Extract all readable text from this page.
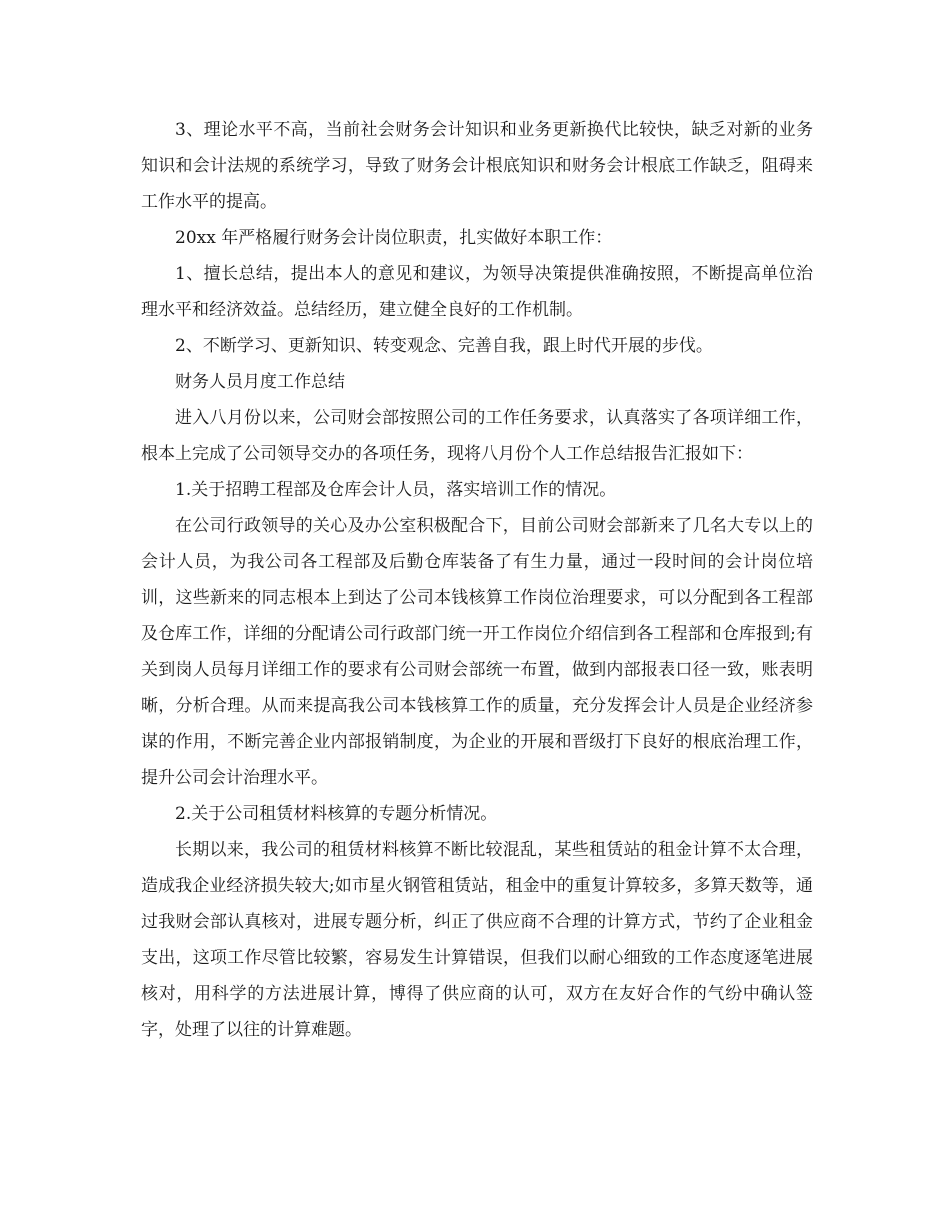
3、理论水平不高，当前社会财务会计知识和业务更新换代比较快，缺乏对新的业务知识和会计法规的系统学习，导致了财务会计根底知识和财务会计根底工作缺乏，阻碍来工作水平的提高。

20xx 年严格履行财务会计岗位职责，扎实做好本职工作：

1、擅长总结，提出本人的意见和建议，为领导决策提供准确按照，不断提高单位治理水平和经济效益。总结经历，建立健全良好的工作机制。

2、不断学习、更新知识、转变观念、完善自我，跟上时代开展的步伐。

财务人员月度工作总结

进入八月份以来，公司财会部按照公司的工作任务要求，认真落实了各项详细工作，根本上完成了公司领导交办的各项任务，现将八月份个人工作总结报告汇报如下：

1.关于招聘工程部及仓库会计人员，落实培训工作的情况。

在公司行政领导的关心及办公室积极配合下，目前公司财会部新来了几名大专以上的会计人员，为我公司各工程部及后勤仓库装备了有生力量，通过一段时间的会计岗位培训，这些新来的同志根本上到达了公司本钱核算工作岗位治理要求，可以分配到各工程部及仓库工作，详细的分配请公司行政部门统一开工作岗位介绍信到各工程部和仓库报到;有关到岗人员每月详细工作的要求有公司财会部统一布置，做到内部报表口径一致，账表明晰，分析合理。从而来提高我公司本钱核算工作的质量，充分发挥会计人员是企业经济参谋的作用，不断完善企业内部报销制度，为企业的开展和晋级打下良好的根底治理工作，提升公司会计治理水平。

2.关于公司租赁材料核算的专题分析情况。

长期以来，我公司的租赁材料核算不断比较混乱，某些租赁站的租金计算不太合理，造成我企业经济损失较大;如市星火钢管租赁站，租金中的重复计算较多，多算天数等，通过我财会部认真核对，进展专题分析，纠正了供应商不合理的计算方式，节约了企业租金支出，这项工作尽管比较繁，容易发生计算错误，但我们以耐心细致的工作态度逐笔进展核对，用科学的方法进展计算，博得了供应商的认可，双方在友好合作的气纷中确认签字，处理了以往的计算难题。
